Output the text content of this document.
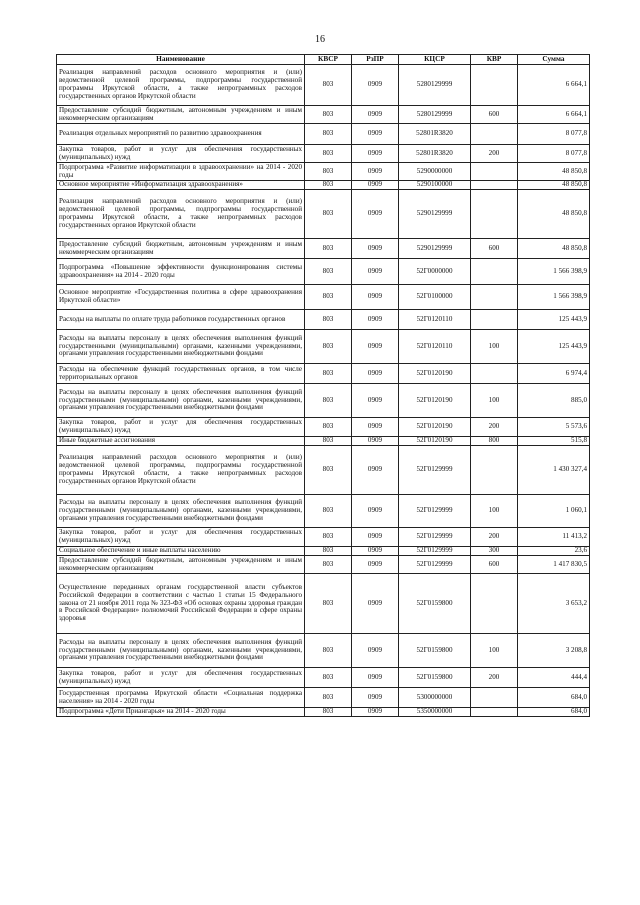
16
Наименование	КВСР	РзПР	КЦСР	КВР	Сумма
Реализация направлений расходов основного мероприятия и (или) ведомственной целевой программы, подпрограммы государственной программы Иркутской области, а также непрограммных расходов государственных органов Иркутской области	803	0909	5280129999		6 664,1
Предоставление субсидий бюджетным, автономным учреждениям и иным некоммерческим организациям	803	0909	5280129999	600	6 664,1
Реализация отдельных мероприятий по развитию здравоохранения	803	0909	52801R3820		8 077,8
Закупка товаров, работ и услуг для обеспечения государственных (муниципальных) нужд	803	0909	52801R3820	200	8 077,8
Подпрограмма «Развитие информатизации в здравоохранении» на 2014 - 2020 годы	803	0909	5290000000		48 850,8
Основное мероприятие «Информатизация здравоохранения»	803	0909	5290100000		48 850,8
Реализация направлений расходов основного мероприятия и (или) ведомственной целевой программы, подпрограммы государственной программы Иркутской области, а также непрограммных расходов государственных органов Иркутской области	803	0909	5290129999		48 850,8
Предоставление субсидий бюджетным, автономным учреждениям и иным некоммерческим организациям	803	0909	5290129999	600	48 850,8
Подпрограмма «Повышение эффективности функционирования системы здравоохранения» на 2014 - 2020 годы	803	0909	52Г0000000		1 566 398,9
Основное мероприятие «Государственная политика в сфере здравоохранения Иркутской области»	803	0909	52Г0100000		1 566 398,9
Расходы на выплаты по оплате труда работников государственных органов	803	0909	52Г0120110		125 443,9
Расходы на выплаты персоналу в целях обеспечения выполнения функций государственными (муниципальными) органами, казенными учреждениями, органами управления государственными внебюджетными фондами	803	0909	52Г0120110	100	125 443,9
Расходы на обеспечение функций государственных органов, в том числе территориальных органов	803	0909	52Г0120190		6 974,4
Расходы на выплаты персоналу в целях обеспечения выполнения функций государственными (муниципальными) органами, казенными учреждениями, органами управления государственными внебюджетными фондами	803	0909	52Г0120190	100	885,0
Закупка товаров, работ и услуг для обеспечения государственных (муниципальных) нужд	803	0909	52Г0120190	200	5 573,6
Иные бюджетные ассигнования	803	0909	52Г0120190	800	515,8
Реализация направлений расходов основного мероприятия и (или) ведомственной целевой программы, подпрограммы государственной программы Иркутской области, а также непрограммных расходов государственных органов Иркутской области	803	0909	52Г0129999		1 430 327,4
Расходы на выплаты персоналу в целях обеспечения выполнения функций государственными (муниципальными) органами, казенными учреждениями, органами управления государственными внебюджетными фондами	803	0909	52Г0129999	100	1 060,1
Закупка товаров, работ и услуг для обеспечения государственных (муниципальных) нужд	803	0909	52Г0129999	200	11 413,2
Социальное обеспечение и иные выплаты населению	803	0909	52Г0129999	300	23,6
Предоставление субсидий бюджетным, автономным учреждениям и иным некоммерческим организациям	803	0909	52Г0129999	600	1 417 830,5
Осуществление переданных органам государственной власти субъектов Российской Федерации в соответствии с частью 1 статьи 15 Федерального закона от 21 ноября 2011 года № 323-ФЗ «Об основах охраны здоровья граждан в Российской Федерации» полномочий Российской Федерации в сфере охраны здоровья	803	0909	52Г0159800		3 653,2
Расходы на выплаты персоналу в целях обеспечения выполнения функций государственными (муниципальными) органами, казенными учреждениями, органами управления государственными внебюджетными фондами	803	0909	52Г0159800	100	3 208,8
Закупка товаров, работ и услуг для обеспечения государственных (муниципальных) нужд	803	0909	52Г0159800	200	444,4
Государственная программа Иркутской области «Социальная поддержка населения» на 2014 - 2020 годы	803	0909	5300000000		684,0
Подпрограмма «Дети Приангарья» на 2014 - 2020 годы	803	0909	5350000000		684,0
